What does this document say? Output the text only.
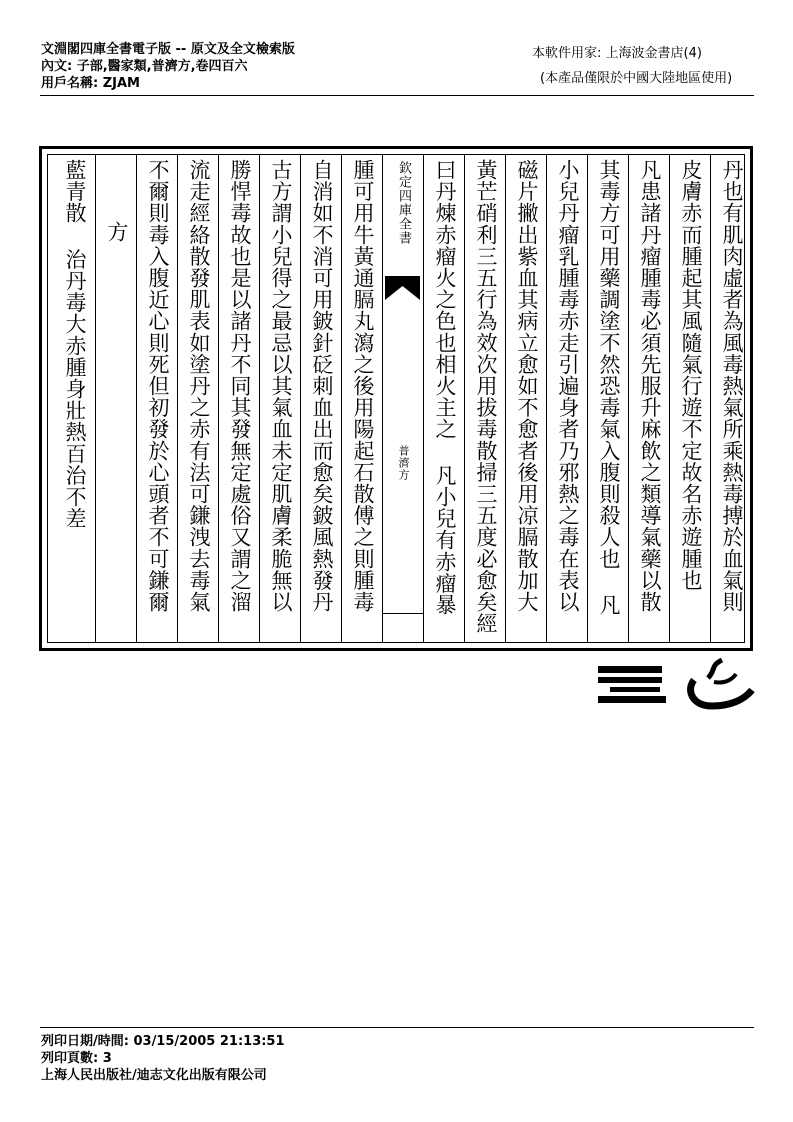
文淵閣四庫全書電子版 -- 原文及全文檢索版
內文: 子部,醫家類,普濟方,卷四百六
用戶名稱: ZJAM
本軟件用家: 上海波金書店(4)
(本產品僅限於中國大陸地區使用)
丹也有肌肉虛者為風毒熱氣所乘熱毒搏於血氣則
皮膚赤而腫起其風隨氣行遊不定故名赤遊腫也
凡患諸丹瘤腫毒必須先服升麻飲之類導氣藥以散
其毒方可用藥調塗不然恐毒氣入腹則殺人也 凡
小兒丹瘤乳腫毒赤走引遍身者乃邪熱之毒在表以
磁片撇出紫血其病立愈如不愈者後用凉膈散加大
黃芒硝利三五行為效次用拔毒散掃三五度必愈矣經
曰丹煉赤瘤火之色也相火主之 凡小兒有赤瘤暴
欽定四庫全書
普濟方
腫可用牛黃通膈丸瀉之後用陽起石散傅之則腫毒
自消如不消可用鈹針砭刺血出而愈矣鈹風熱發丹
古方謂小兒得之最忌以其氣血未定肌膚柔脆無以
勝悍毒故也是以諸丹不同其發無定處俗又謂之溜
流走經絡散發肌表如塗丹之赤有法可鎌洩去毒氣
不爾則毒入腹近心則死但初發於心頭者不可鎌爾
方
藍青散 治丹毒大赤腫身壯熱百治不差
列印日期/時間: 03/15/2005 21:13:51
列印頁數: 3
上海人民出版社/迪志文化出版有限公司
